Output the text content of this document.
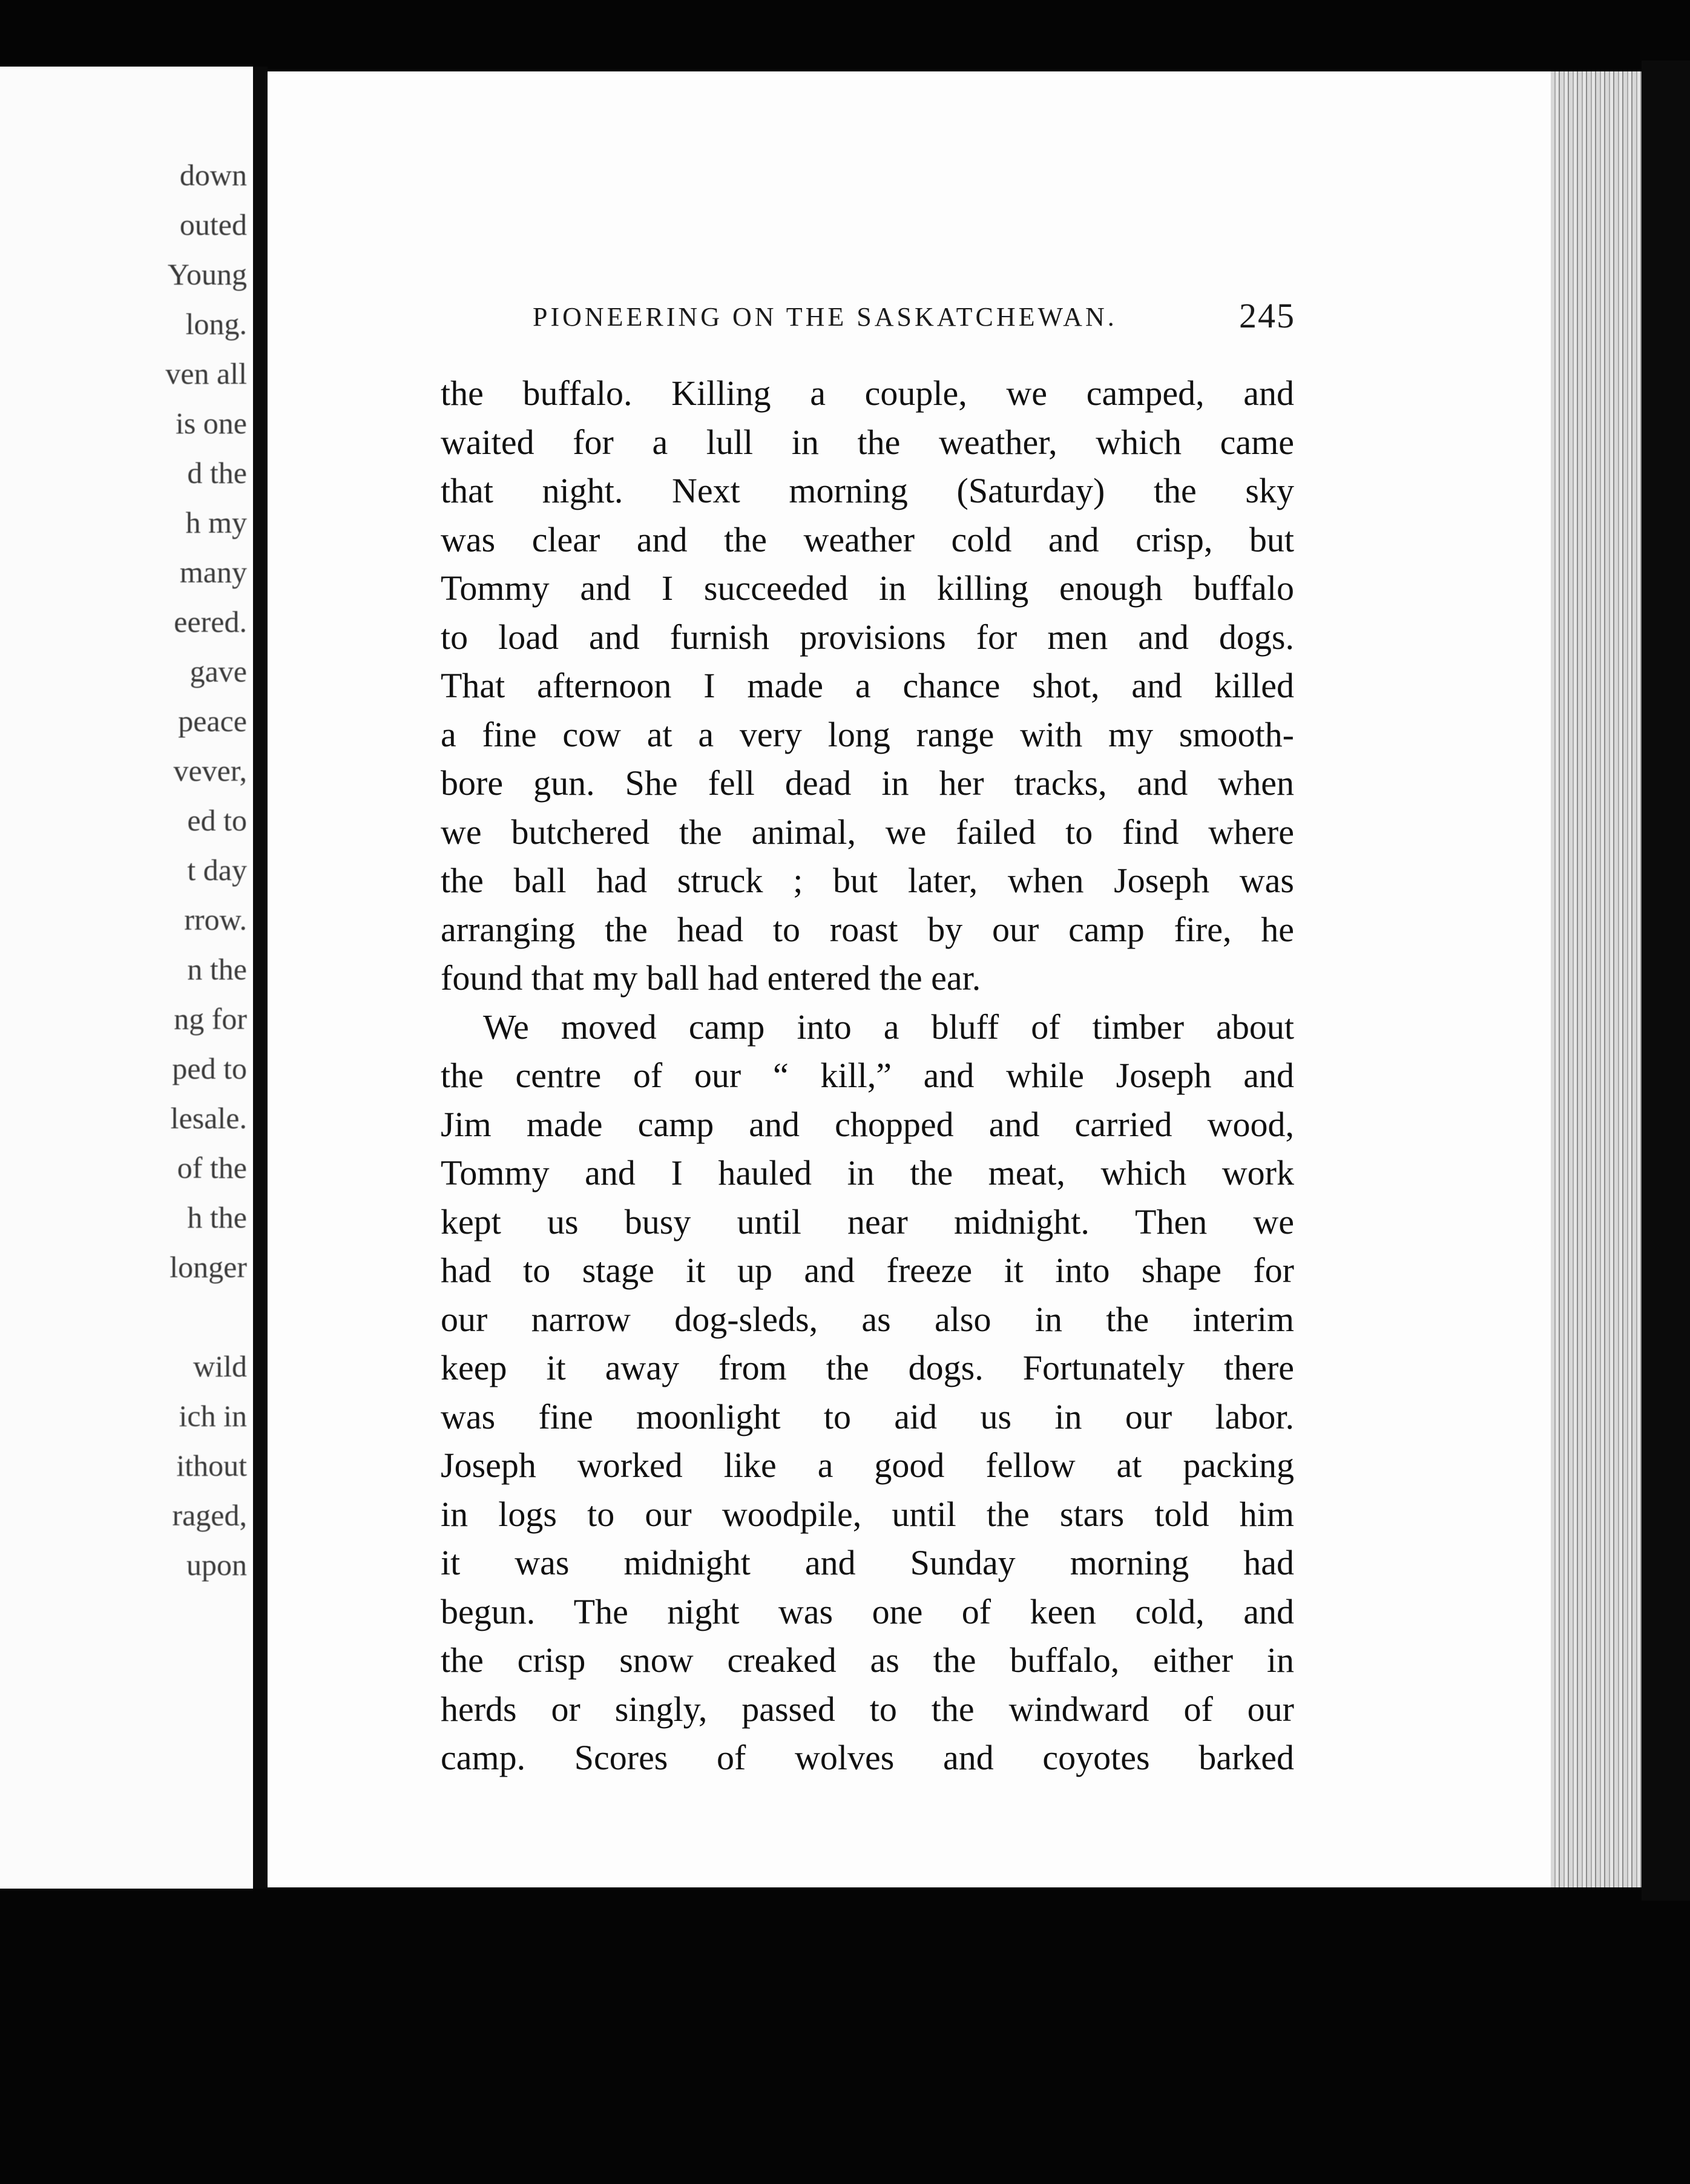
down
outed
Young
long.
ven all
is one
d the
h my
many
eered.
gave
peace
vever,
ed to
t day
rrow.
n the
ng for
ped to
lesale.
of the
h the
longer
wild
ich in
ithout
raged,
upon
PIONEERING ON THE SASKATCHEWAN.	245
the buffalo. Killing a couple, we camped, and
waited for a lull in the weather, which came
that night. Next morning (Saturday) the sky
was clear and the weather cold and crisp, but
Tommy and I succeeded in killing enough buffalo
to load and furnish provisions for men and dogs.
That afternoon I made a chance shot, and killed
a fine cow at a very long range with my smooth-
bore gun. She fell dead in her tracks, and when
we butchered the animal, we failed to find where
the ball had struck ; but later, when Joseph was
arranging the head to roast by our camp fire, he
found that my ball had entered the ear.
We moved camp into a bluff of timber about
the centre of our “ kill,” and while Joseph and
Jim made camp and chopped and carried wood,
Tommy and I hauled in the meat, which work
kept us busy until near midnight. Then we
had to stage it up and freeze it into shape for
our narrow dog-sleds, as also in the interim
keep it away from the dogs. Fortunately there
was fine moonlight to aid us in our labor.
Joseph worked like a good fellow at packing
in logs to our woodpile, until the stars told him
it was midnight and Sunday morning had
begun. The night was one of keen cold, and
the crisp snow creaked as the buffalo, either in
herds or singly, passed to the windward of our
camp. Scores of wolves and coyotes barked
